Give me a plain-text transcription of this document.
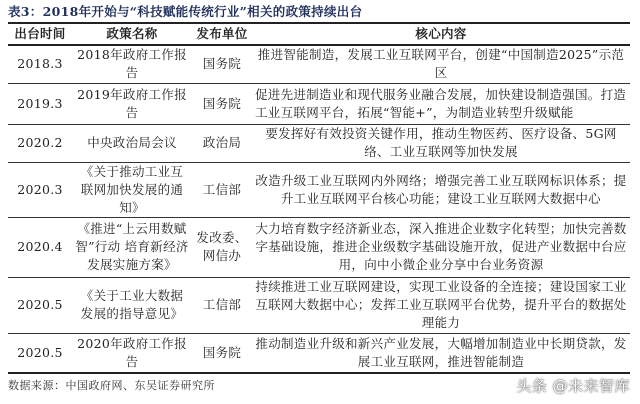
表3：2018年开始与“科技赋能传统行业”相关的政策持续出台
出台时间	政策名称	发布单位	核心内容
2018.3	2018年政府工作报告	国务院	推进智能制造，发展工业互联网平台，创建“中国制造2025”示范区
2019.3	2019年政府工作报告	国务院	促进先进制造业和现代服务业融合发展，加快建设制造强国。打造工业互联网平台，拓展“智能+”，为制造业转型升级赋能
2020.2	中央政治局会议	政治局	要发挥好有效投资关键作用，推动生物医药、医疗设备、5G网络、工业互联网等加快发展
2020.3	《关于推动工业互联网加快发展的通知》	工信部	改造升级工业互联网内外网络；增强完善工业互联网标识体系；提升工业互联网平台核心功能；建设工业互联网大数据中心
2020.4	《推进“上云用数赋智”行动 培育新经济发展实施方案》	发改委、网信办	大力培育数字经济新业态，深入推进企业数字化转型；加快完善数字基础设施，推进企业级数字基础设施开放，促进产业数据中台应用，向中小微企业分享中台业务资源
2020.5	《关于工业大数据发展的指导意见》	工信部	持续推进工业互联网建设，实现工业设备的全连接；建设国家工业互联网大数据中心；发挥工业互联网平台优势，提升平台的数据处理能力
2020.5	2020年政府工作报告	国务院	推动制造业升级和新兴产业发展，大幅增加制造业中长期贷款，发展工业互联网，推进智能制造
数据来源：中国政府网、东吴证券研究所	头条 @未来智库
